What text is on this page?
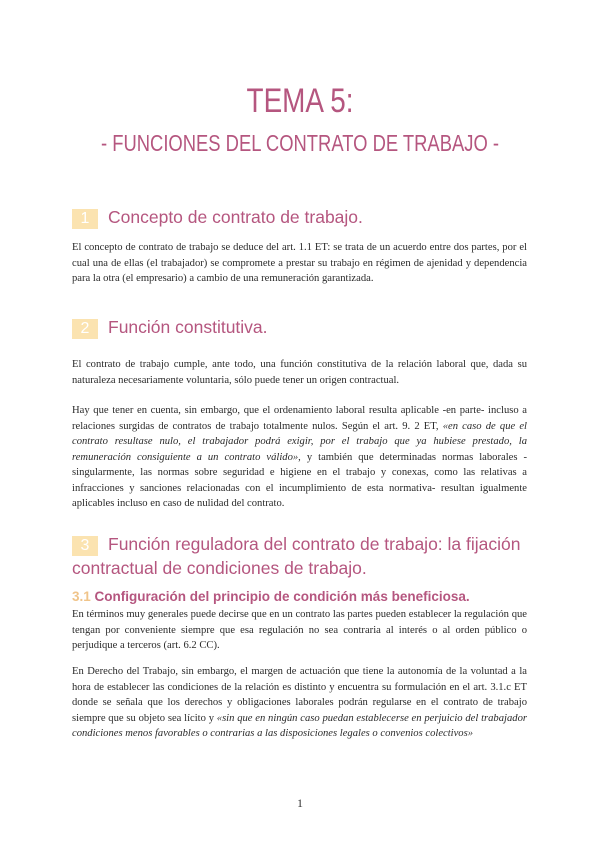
TEMA 5:
- FUNCIONES DEL CONTRATO DE TRABAJO -
1 Concepto de contrato de trabajo.

El concepto de contrato de trabajo se deduce del art. 1.1 ET: se trata de un acuerdo entre dos partes, por el cual una de ellas (el trabajador) se compromete a prestar su trabajo en régimen de ajenidad y dependencia para la otra (el empresario) a cambio de una remuneración garantizada.

2 Función constitutiva.

El contrato de trabajo cumple, ante todo, una función constitutiva de la relación laboral que, dada su naturaleza necesariamente voluntaria, sólo puede tener un origen contractual.

Hay que tener en cuenta, sin embargo, que el ordenamiento laboral resulta aplicable -en parte- incluso a relaciones surgidas de contratos de trabajo totalmente nulos. Según el art. 9. 2 ET, «en caso de que el contrato resultase nulo, el trabajador podrá exigir, por el trabajo que ya hubiese prestado, la remuneración consiguiente a un contrato válido», y también que determinadas normas laborales -singularmente, las normas sobre seguridad e higiene en el trabajo y conexas, como las relativas a infracciones y sanciones relacionadas con el incumplimiento de esta normativa- resultan igualmente aplicables incluso en caso de nulidad del contrato.

3 Función reguladora del contrato de trabajo: la fijación
contractual de condiciones de trabajo.
3.1 Configuración del principio de condición más beneficiosa.

En términos muy generales puede decirse que en un contrato las partes pueden establecer la regulación que tengan por conveniente siempre que esa regulación no sea contraria al interés o al orden público o perjudique a terceros (art. 6.2 CC).

En Derecho del Trabajo, sin embargo, el margen de actuación que tiene la autonomía de la voluntad a la hora de establecer las condiciones de la relación es distinto y encuentra su formulación en el art. 3.1.c ET donde se señala que los derechos y obligaciones laborales podrán regularse en el contrato de trabajo siempre que su objeto sea lícito y «sin que en ningún caso puedan establecerse en perjuicio del trabajador condiciones menos favorables o contrarias a las disposiciones legales o convenios colectivos»

1
